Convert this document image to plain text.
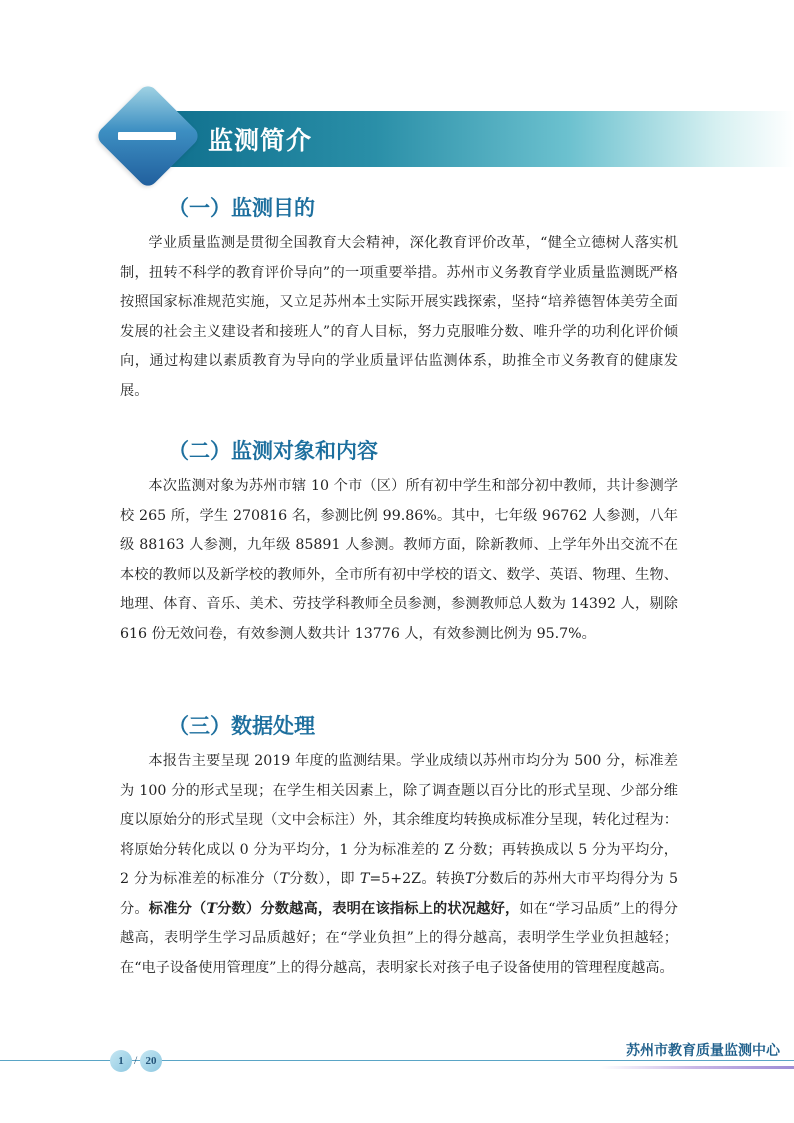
监测简介
（一）监测目的

学业质量监测是贯彻全国教育大会精神，深化教育评价改革，“健全立德树人落实机制，扭转不科学的教育评价导向”的一项重要举措。苏州市义务教育学业质量监测既严格按照国家标准规范实施，又立足苏州本土实际开展实践探索，坚持“培养德智体美劳全面发展的社会主义建设者和接班人”的育人目标，努力克服唯分数、唯升学的功利化评价倾向，通过构建以素质教育为导向的学业质量评估监测体系，助推全市义务教育的健康发展。

（二）监测对象和内容

本次监测对象为苏州市辖 10 个市（区）所有初中学生和部分初中教师，共计参测学校 265 所，学生 270816 名，参测比例 99.86%。其中，七年级 96762 人参测，八年级 88163 人参测，九年级 85891 人参测。教师方面，除新教师、上学年外出交流不在本校的教师以及新学校的教师外，全市所有初中学校的语文、数学、英语、物理、生物、地理、体育、音乐、美术、劳技学科教师全员参测，参测教师总人数为 14392 人，剔除 616 份无效问卷，有效参测人数共计 13776 人，有效参测比例为 95.7%。

（三）数据处理

本报告主要呈现 2019 年度的监测结果。学业成绩以苏州市均分为 500 分，标准差为 100 分的形式呈现；在学生相关因素上，除了调查题以百分比的形式呈现、少部分维度以原始分的形式呈现（文中会标注）外，其余维度均转换成标准分呈现，转化过程为：将原始分转化成以 0 分为平均分，1 分为标准差的 Z 分数；再转换成以 5 分为平均分，2 分为标准差的标准分（T分数），即 T=5+2Z。转换T分数后的苏州大市平均得分为 5 分。标准分（T分数）分数越高，表明在该指标上的状况越好，如在“学习品质”上的得分越高，表明学生学习品质越好；在“学业负担”上的得分越高，表明学生学业负担越轻；在“电子设备使用管理度”上的得分越高，表明家长对孩子电子设备使用的管理程度越高。

1 / 20
苏州市教育质量监测中心
